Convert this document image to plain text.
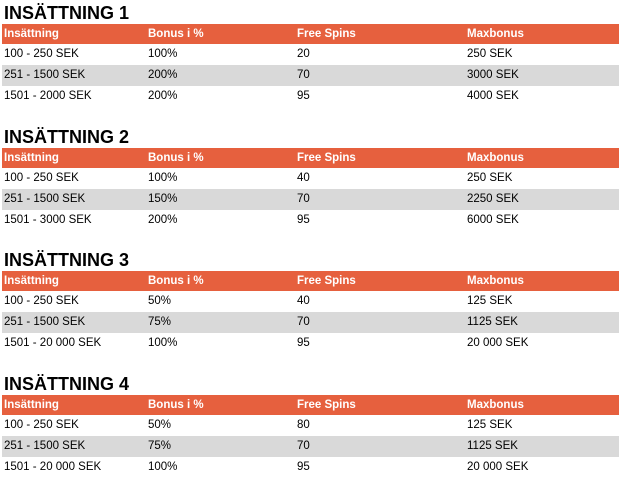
INSÄTTNING 1
Insättning	Bonus i %	Free Spins	Maxbonus
100 - 250 SEK	100%	20	250 SEK
251 - 1500 SEK	200%	70	3000 SEK
1501 - 2000 SEK	200%	95	4000 SEK
INSÄTTNING 2
Insättning	Bonus i %	Free Spins	Maxbonus
100 - 250 SEK	100%	40	250 SEK
251 - 1500 SEK	150%	70	2250 SEK
1501 - 3000 SEK	200%	95	6000 SEK
INSÄTTNING 3
Insättning	Bonus i %	Free Spins	Maxbonus
100 - 250 SEK	50%	40	125 SEK
251 - 1500 SEK	75%	70	1125 SEK
1501 - 20 000 SEK	100%	95	20 000 SEK
INSÄTTNING 4
Insättning	Bonus i %	Free Spins	Maxbonus
100 - 250 SEK	50%	80	125 SEK
251 - 1500 SEK	75%	70	1125 SEK
1501 - 20 000 SEK	100%	95	20 000 SEK
